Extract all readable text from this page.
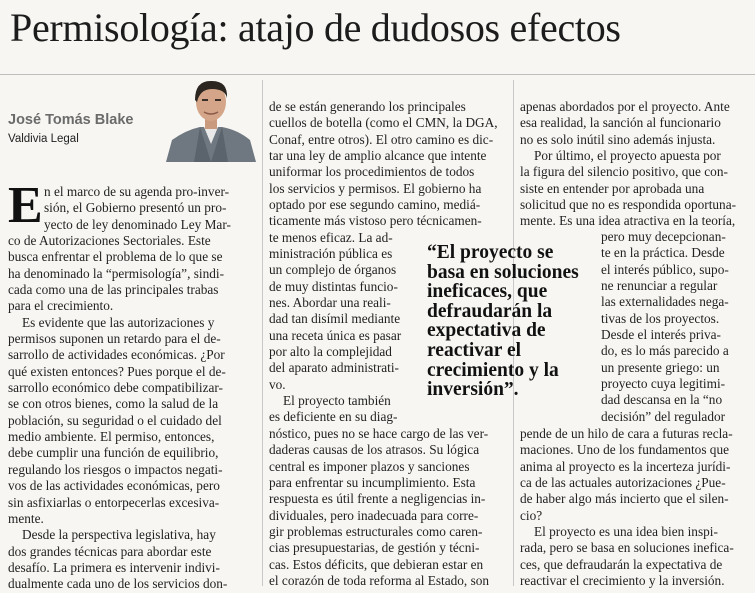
Permisología: atajo de dudosos efectos
José Tomás Blake
Valdivia Legal
E n el marco de su agenda pro-inver-

sión, el Gobierno presentó un pro-

yecto de ley denominado Ley Mar-

co de Autorizaciones Sectoriales. Este

busca enfrentar el problema de lo que se

ha denominado la “permisología”, sindi-

cada como una de las principales trabas

para el crecimiento.

Es evidente que las autorizaciones y

permisos suponen un retardo para el de-

sarrollo de actividades económicas. ¿Por

qué existen entonces? Pues porque el de-

sarrollo económico debe compatibilizar-

se con otros bienes, como la salud de la

población, su seguridad o el cuidado del

medio ambiente. El permiso, entonces,

debe cumplir una función de equilibrio,

regulando los riesgos o impactos negati-

vos de las actividades económicas, pero

sin asfixiarlas o entorpecerlas excesiva-

mente.

Desde la perspectiva legislativa, hay

dos grandes técnicas para abordar este

desafío. La primera es intervenir indivi-

dualmente cada uno de los servicios don-

de se están generando los principales

cuellos de botella (como el CMN, la DGA,

Conaf, entre otros). El otro camino es dic-

tar una ley de amplio alcance que intente

uniformar los procedimientos de todos

los servicios y permisos. El gobierno ha

optado por ese segundo camino, mediá-

ticamente más vistoso pero técnicamen-

te menos eficaz. La ad-

ministración pública es

un complejo de órganos

de muy distintas funcio-

nes. Abordar una reali-

dad tan disímil mediante

una receta única es pasar

por alto la complejidad

del aparato administrati-

vo.

El proyecto también

es deficiente en su diag-

nóstico, pues no se hace cargo de las ver-

daderas causas de los atrasos. Su lógica

central es imponer plazos y sanciones

para enfrentar su incumplimiento. Esta

respuesta es útil frente a negligencias in-

dividuales, pero inadecuada para corre-

gir problemas estructurales como caren-

cias presupuestarias, de gestión y técni-

cas. Estos déficits, que debieran estar en

el corazón de toda reforma al Estado, son

apenas abordados por el proyecto. Ante

esa realidad, la sanción al funcionario

no es solo inútil sino además injusta.

Por último, el proyecto apuesta por

la figura del silencio positivo, que con-

siste en entender por aprobada una

solicitud que no es respondida oportuna-

mente. Es una idea atractiva en la teoría,

pero muy decepcionan-

te en la práctica. Desde

el interés público, supo-

ne renunciar a regular

las externalidades nega-

tivas de los proyectos.

Desde el interés priva-

do, es lo más parecido a

un presente griego: un

proyecto cuya legitimi-

dad descansa en la “no

decisión” del regulador

pende de un hilo de cara a futuras recla-

maciones. Uno de los fundamentos que

anima al proyecto es la incerteza jurídi-

ca de las actuales autorizaciones ¿Pue-

de haber algo más incierto que el silen-

cio?

El proyecto es una idea bien inspi-

rada, pero se basa en soluciones inefica-

ces, que defraudarán la expectativa de

reactivar el crecimiento y la inversión.

“El proyecto se
basa en soluciones
ineficaces, que
defraudarán la
expectativa de
reactivar el
crecimiento y la
inversión”.
